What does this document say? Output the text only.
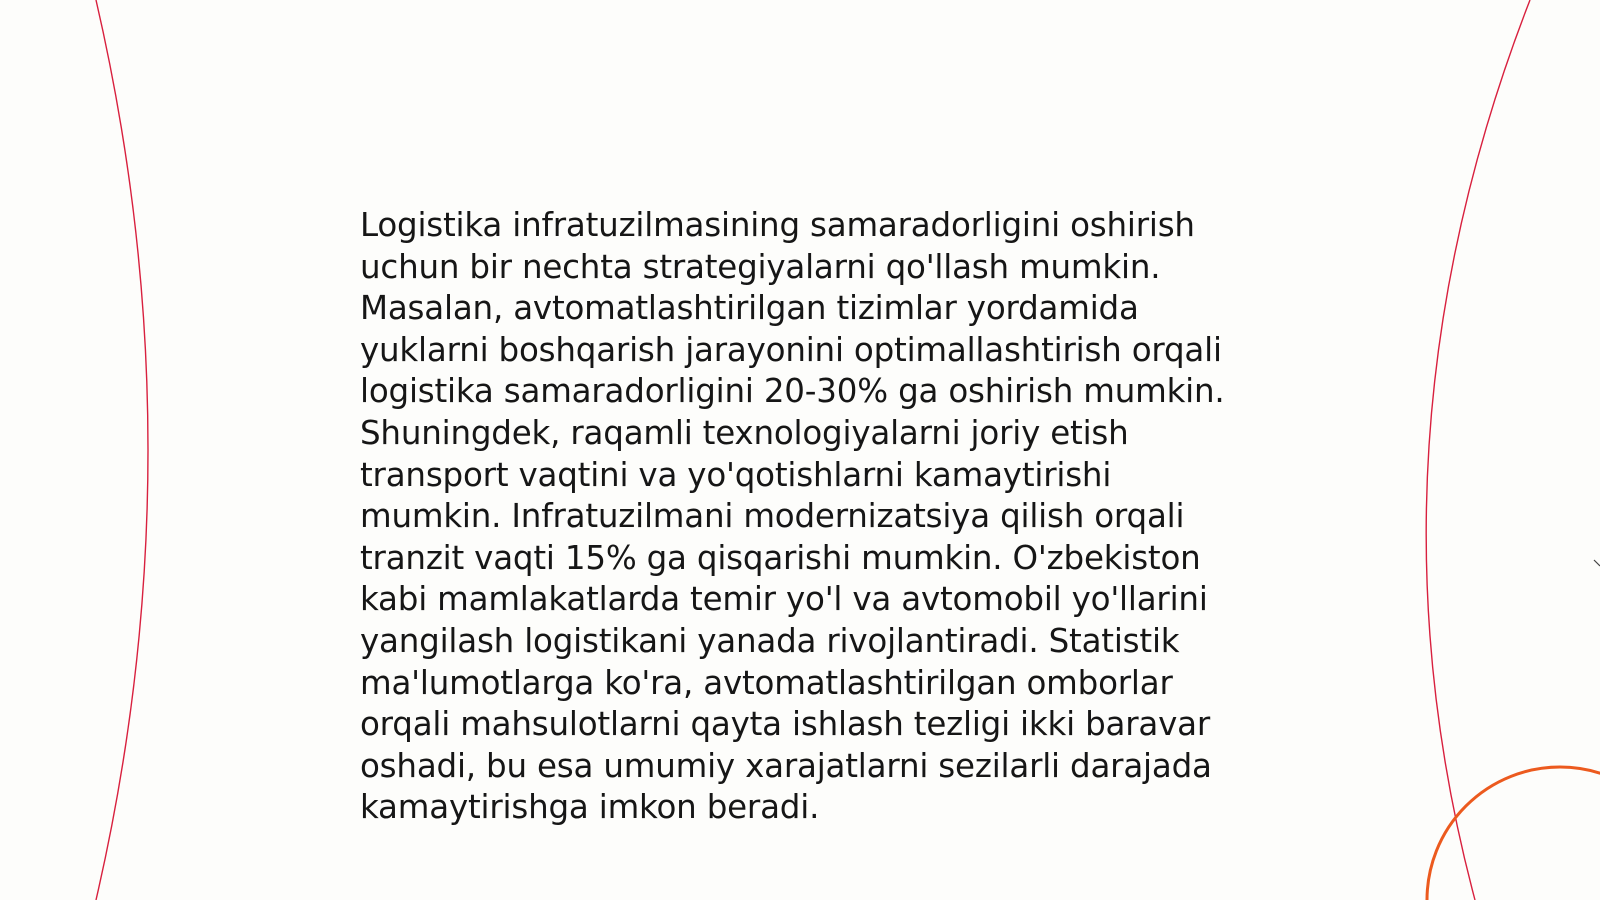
Logistika infratuzilmasining samaradorligini oshirish
uchun bir nechta strategiyalarni qo'llash mumkin.
Masalan, avtomatlashtirilgan tizimlar yordamida
yuklarni boshqarish jarayonini optimallashtirish orqali
logistika samaradorligini 20-30% ga oshirish mumkin.
Shuningdek, raqamli texnologiyalarni joriy etish
transport vaqtini va yo'qotishlarni kamaytirishi
mumkin. Infratuzilmani modernizatsiya qilish orqali
tranzit vaqti 15% ga qisqarishi mumkin. O'zbekiston
kabi mamlakatlarda temir yo'l va avtomobil yo'llarini
yangilash logistikani yanada rivojlantiradi. Statistik
ma'lumotlarga ko'ra, avtomatlashtirilgan omborlar
orqali mahsulotlarni qayta ishlash tezligi ikki baravar
oshadi, bu esa umumiy xarajatlarni sezilarli darajada
kamaytirishga imkon beradi.
